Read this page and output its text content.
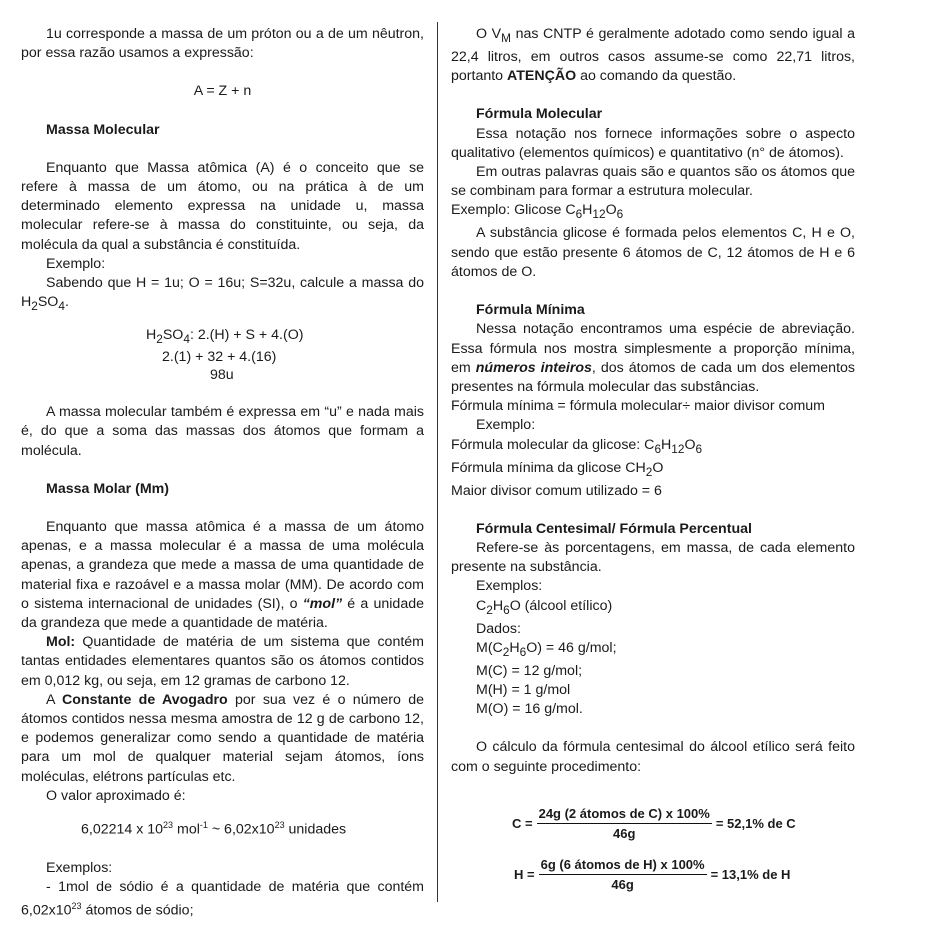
1u corresponde a massa de um próton ou a de um nêutron, por essa razão usamos a expressão:

A = Z + n

Massa Molecular

Enquanto que Massa atômica (A) é o conceito que se refere à massa de um átomo, ou na prática à de um determinado elemento expressa na unidade u, massa molecular refere-se à massa do constituinte, ou seja, da molécula da qual a substância é constituída.

Exemplo:

Sabendo que H = 1u; O = 16u; S=32u, calcule a massa do $H_2SO_4$.

$H_2SO_4$: 2.(H) + S + 4.(O)

2.(1) + 32 + 4.(16)

98u

A massa molecular também é expressa em “u” e nada mais é, do que a soma das massas dos átomos que formam a molécula.

Massa Molar (Mm)

Enquanto que massa atômica é a massa de um átomo apenas, e a massa molecular é a massa de uma molécula apenas, a grandeza que mede a massa de uma quantidade de material fixa e razoável e a massa molar (MM). De acordo com o sistema internacional de unidades (SI), o “mol” é a unidade da grandeza que mede a quantidade de matéria.

Mol: Quantidade de matéria de um sistema que contém tantas entidades elementares quantos são os átomos contidos em 0,012 kg, ou seja, em 12 gramas de carbono 12.

A Constante de Avogadro por sua vez é o número de átomos contidos nessa mesma amostra de 12 g de carbono 12, e podemos generalizar como sendo a quantidade de matéria para um mol de qualquer material sejam átomos, íons moléculas, elétrons partículas etc.

O valor aproximado é:

6,02214 x $10^{23}$ mol$^{-1}$ ~ $6,02x10^{23}$ unidades

Exemplos:

- 1mol de sódio é a quantidade de matéria que contém $6,02x10^{23}$ átomos de sódio;

O $V_M$ nas CNTP é geralmente adotado como sendo igual a 22,4 litros, em outros casos assume-se como 22,71 litros, portanto ATENÇÃO ao comando da questão.

Fórmula Molecular

Essa notação nos fornece informações sobre o aspecto qualitativo (elementos químicos) e quantitativo (n° de átomos).

Em outras palavras quais são e quantos são os átomos que se combinam para formar a estrutura molecular.

Exemplo: Glicose $C_6H_{12}O_6$

A substância glicose é formada pelos elementos C, H e O, sendo que estão presente 6 átomos de C, 12 átomos de H e 6 átomos de O.

Fórmula Mínima

Nessa notação encontramos uma espécie de abreviação. Essa fórmula nos mostra simplesmente a proporção mínima, em números inteiros, dos átomos de cada um dos elementos presentes na fórmula molecular das substâncias.

Fórmula mínima = fórmula molecular÷ maior divisor comum

Exemplo:

Fórmula molecular da glicose: $C_6H_{12}O_6$

Fórmula mínima da glicose $CH_2O$

Maior divisor comum utilizado = 6

Fórmula Centesimal/ Fórmula Percentual

Refere-se às porcentagens, em massa, de cada elemento presente na substância.

Exemplos:

$C_2H_6O$ (álcool etílico)

Dados:

$M(C_2H_6O) = 46$ g/mol;

M(C) = 12 g/mol;

M(H) = 1 g/mol

M(O) = 16 g/mol.

O cálculo da fórmula centesimal do álcool etílico será feito com o seguinte procedimento:

$C = \frac{\text{24g (2 átomos de C) x 100\%}}{46g} = 52,1\%$ de C
$H = \frac{\text{6g (6 átomos de H) x 100\%}}{46g} = 13,1\%$ de H
